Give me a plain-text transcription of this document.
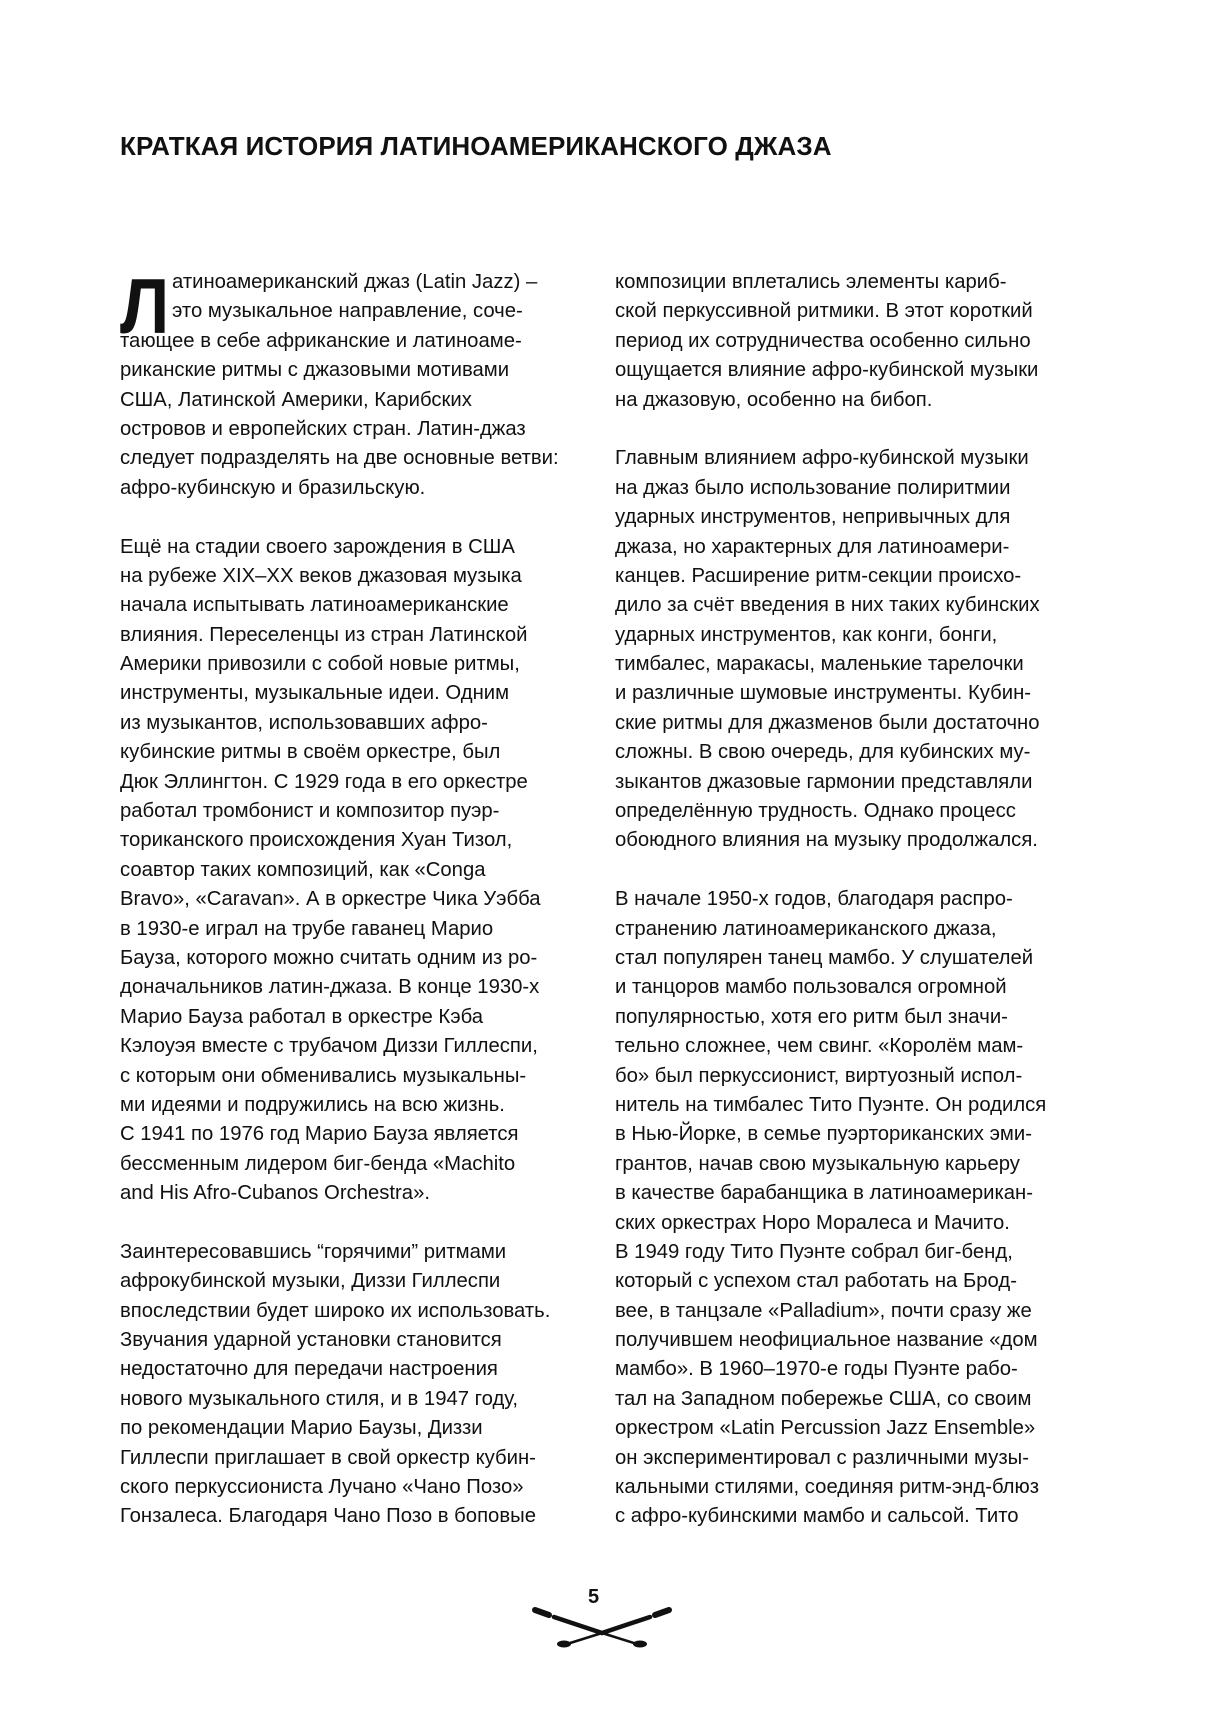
КРАТКАЯ ИСТОРИЯ ЛАТИНОАМЕРИКАНСКОГО ДЖАЗА
Л атиноамериканский джаз (Latin Jazz) –
это музыкальное направление, соче-
тающее в себе африканские и латиноаме-
риканские ритмы с джазовыми мотивами
США, Латинской Америки, Карибских
островов и европейских стран. Латин-джаз
следует подразделять на две основные ветви:
афро-кубинскую и бразильскую.
Ещё на стадии своего зарождения в США
на рубеже XIX–XX веков джазовая музыка
начала испытывать латиноамериканские
влияния. Переселенцы из стран Латинской
Америки привозили с собой новые ритмы,
инструменты, музыкальные идеи. Одним
из музыкантов, использовавших афро-
кубинские ритмы в своём оркестре, был
Дюк Эллингтон. С 1929 года в его оркестре
работал тромбонист и композитор пуэр-
ториканского происхождения Хуан Тизол,
соавтор таких композиций, как «Conga
Bravo», «Caravan». А в оркестре Чика Уэбба
в 1930-е играл на трубе гаванец Марио
Бауза, которого можно считать одним из ро-
доначальников латин-джаза. В конце 1930-х
Марио Бауза работал в оркестре Кэба
Кэлоуэя вместе с трубачом Диззи Гиллеспи,
с которым они обменивались музыкальны-
ми идеями и подружились на всю жизнь.
С 1941 по 1976 год Марио Бауза является
бессменным лидером биг-бенда «Machito
and His Afro-Cubanos Orchestra».
Заинтересовавшись “горячими” ритмами
афрокубинской музыки, Диззи Гиллеспи
впоследствии будет широко их использовать.
Звучания ударной установки становится
недостаточно для передачи настроения
нового музыкального стиля, и в 1947 году,
по рекомендации Марио Баузы, Диззи
Гиллеспи приглашает в свой оркестр кубин-
ского перкуссиониста Лучано «Чано Позо»
Гонзалеса. Благодаря Чано Позо в боповые
композиции вплетались элементы кариб-
ской перкуссивной ритмики. В этот короткий
период их сотрудничества особенно сильно
ощущается влияние афро-кубинской музыки
на джазовую, особенно на бибоп.
Главным влиянием афро-кубинской музыки
на джаз было использование полиритмии
ударных инструментов, непривычных для
джаза, но характерных для латиноамери-
канцев. Расширение ритм-секции происхо-
дило за счёт введения в них таких кубинских
ударных инструментов, как конги, бонги,
тимбалес, маракасы, маленькие тарелочки
и различные шумовые инструменты. Кубин-
ские ритмы для джазменов были достаточно
сложны. В свою очередь, для кубинских му-
зыкантов джазовые гармонии представляли
определённую трудность. Однако процесс
обоюдного влияния на музыку продолжался.
В начале 1950-х годов, благодаря распро-
странению латиноамериканского джаза,
стал популярен танец мамбо. У слушателей
и танцоров мамбо пользовался огромной
популярностью, хотя его ритм был значи-
тельно сложнее, чем свинг. «Королём мам-
бо» был перкуссионист, виртуозный испол-
нитель на тимбалес Тито Пуэнте. Он родился
в Нью-Йорке, в семье пуэрториканских эми-
грантов, начав свою музыкальную карьеру
в качестве барабанщика в латиноамерикан-
ских оркестрах Норо Моралеса и Мачито.
В 1949 году Тито Пуэнте собрал биг-бенд,
который с успехом стал работать на Брод-
вее, в танцзале «Palladium», почти сразу же
получившем неофициальное название «дом
мамбо». В 1960–1970-е годы Пуэнте рабо-
тал на Западном побережье США, со своим
оркестром «Latin Percussion Jazz Ensemble»
он экспериментировал с различными музы-
кальными стилями, соединяя ритм-энд-блюз
с афро-кубинскими мамбо и сальсой. Тито
5
